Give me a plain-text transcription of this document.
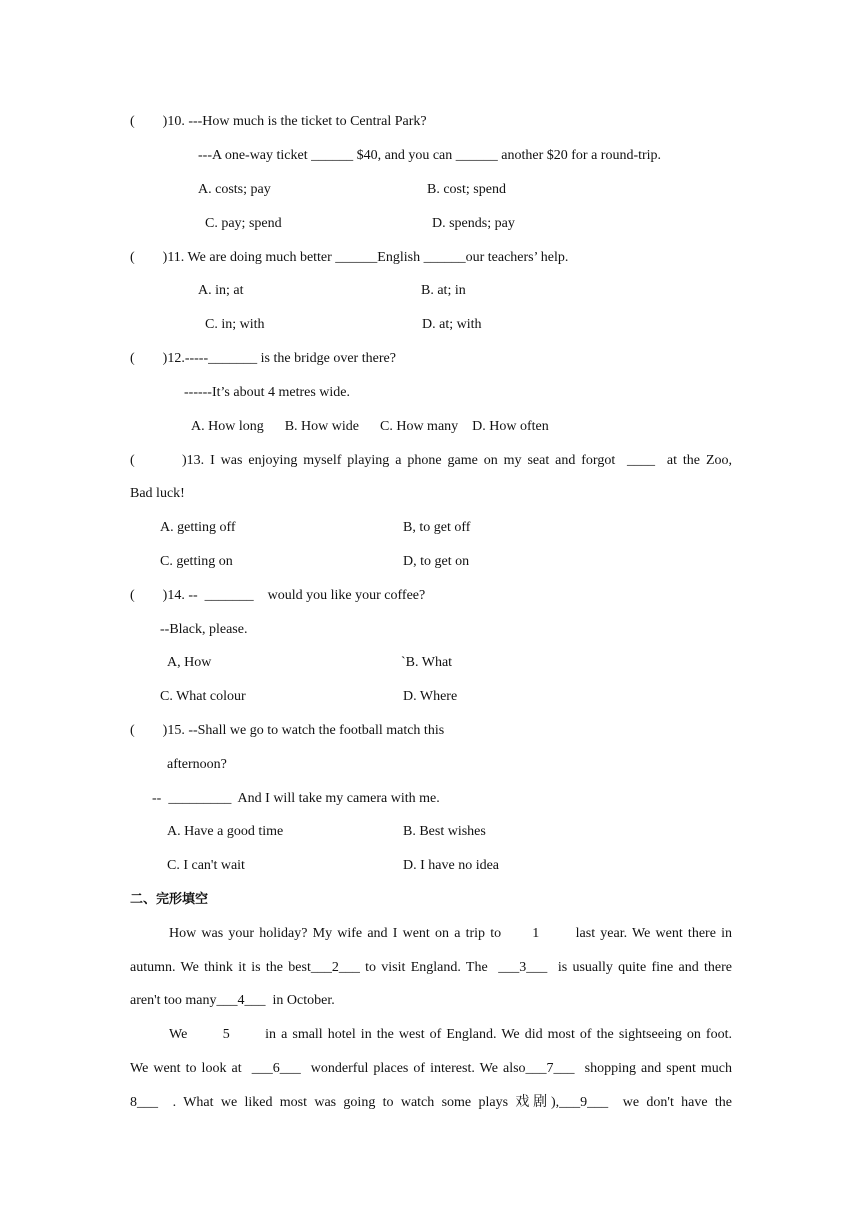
(        )10. ---How much is the ticket to Central Park?
---A one-way ticket ______ $40, and you can ______ another $20 for a round-trip.
A. costs; pay	B. cost; spend
C. pay; spend	D. spends; pay
(        )11. We are doing much better ______English ______our teachers’ help.
A. in; at	B. at; in
C. in; with	D. at; with
(        )12.-----_______ is the bridge over there?
------It’s about 4 metres wide.
A. How long      B. How wide      C. How many    D. How often
(        )13. I was enjoying myself playing a phone game on my seat and forgot  ____  at the Zoo,
Bad luck!
A. getting off	B, to get off
C. getting on	D, to get on
(        )14. --  _______    would you like your coffee?
--Black, please.
A, How	`B. What
C. What colour	D. Where
(        )15. --Shall we go to watch the football match this
afternoon?
--  _________  And I will take my camera with me.
A. Have a good time	B. Best wishes
C. I can't wait	D. I have no idea
二、完形填空
How was your holiday? My wife and I went on a trip to      1       last year. We went there in
autumn. We think it is the best___2___ to visit England. The  ___3___  is usually quite fine and there
aren't too many___4___  in October.
We       5       in a small hotel in the west of England. We did most of the sightseeing on foot.
We went to look at  ___6___  wonderful places of interest. We also___7___  shopping and spent much
8___  . What we liked most was going to watch some plays 戏剧),___9___  we don't have the
